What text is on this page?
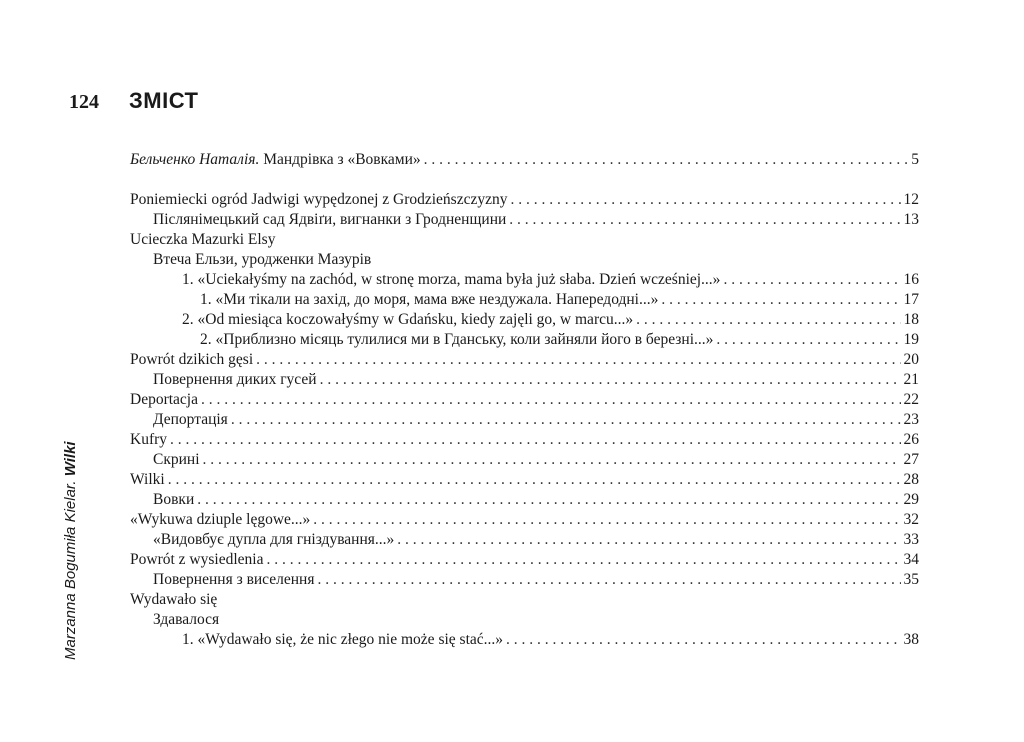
124	ЗМІСТ
Marzanna Bogumiła Kielar. Wilki
Бельченко Наталія. Мандрівка з «Вовками» . . .	5
Poniemiecki ogród Jadwigi wypędzonej z Grodzieńszczyzny . . .	12
Післянімецький сад Ядвіґи, вигнанки з Гродненщини . . .	13
Ucieczka Mazurki Elsy
Втеча Ельзи, уродженки Мазурів
1. «Uciekałyśmy na zachód, w stronę morza, mama była już słaba. Dzień wcześniej...» . . .	16
1. «Ми тікали на захід, до моря, мама вже нездужала. Напередодні...» . . .	17
2. «Od miesiąca koczowałyśmy w Gdańsku, kiedy zajęli go, w marcu...» . . .	18
2. «Приблизно місяць тулилися ми в Гданську, коли зайняли його в березні...» . . .	19
Powrót dzikich gęsi . . .	20
Повернення диких гусей . . .	21
Deportacja . . .	22
Депортація . . .	23
Kufry . . .	26
Скрині . . .	27
Wilki . . .	28
Вовки . . .	29
«Wykuwa dziuple lęgowe...» . . .	32
«Видовбує дупла для гніздування...» . . .	33
Powrót z wysiedlenia . . .	34
Повернення з виселення . . .	35
Wydawało się
Здавалося
1. «Wydawało się, że nic złego nie może się stać...» . . .	38
